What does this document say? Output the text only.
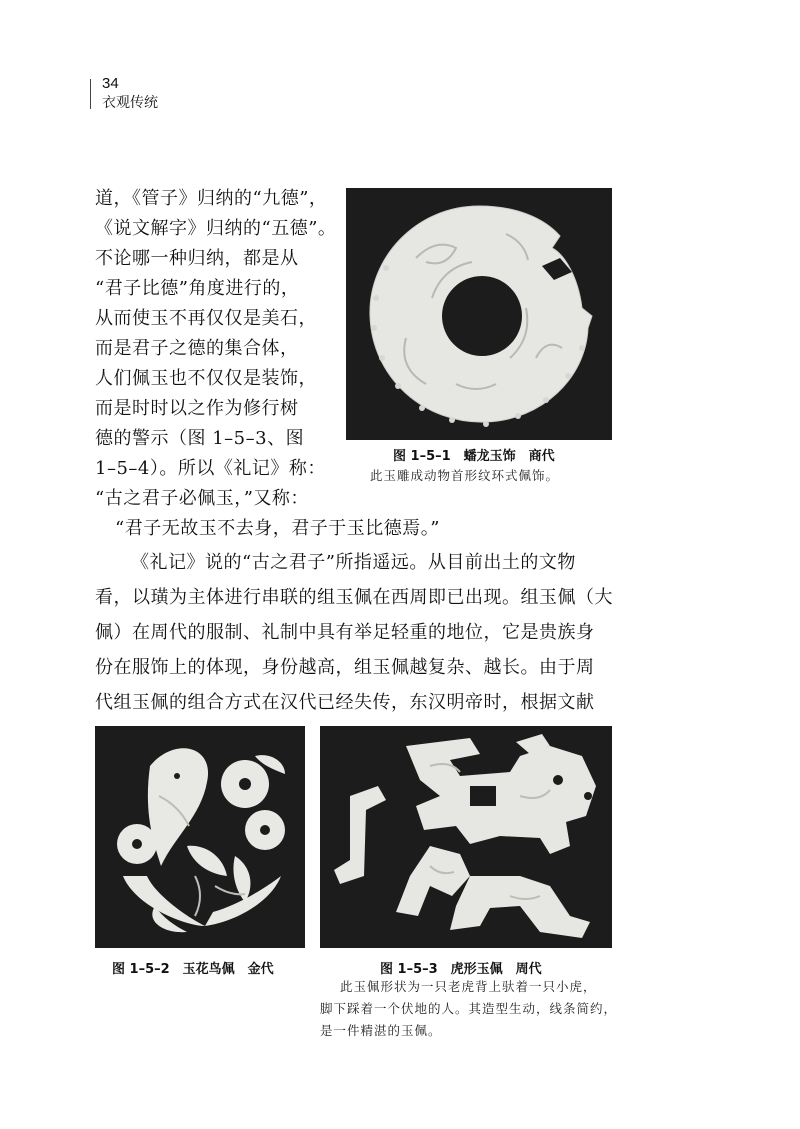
34
衣观传统

道，《管子》归纳的“九德”，

《说文解字》归纳的“五德”。

不论哪一种归纳，都是从

“君子比德”角度进行的，

从而使玉不再仅仅是美石，

而是君子之德的集合体，

人们佩玉也不仅仅是装饰，

而是时时以之作为修行树

德的警示（图 1–5–3、图

1–5–4）。所以《礼记》称：

“古之君子必佩玉，”又称：

“君子无故玉不去身，君子于玉比德焉。”

《礼记》说的“古之君子”所指遥远。从目前出土的文物

看，以璜为主体进行串联的组玉佩在西周即已出现。组玉佩（大

佩）在周代的服制、礼制中具有举足轻重的地位，它是贵族身

份在服饰上的体现，身份越高，组玉佩越复杂、越长。由于周

代组玉佩的组合方式在汉代已经失传，东汉明帝时，根据文献

图 1–5–1　蟠龙玉饰　商代
此玉雕成动物首形纹环式佩饰。
图 1–5–2　玉花鸟佩　金代	图 1–5–3　虎形玉佩　周代
此玉佩形状为一只老虎背上驮着一只小虎，
脚下踩着一个伏地的人。其造型生动，线条简约，
是一件精湛的玉佩。
